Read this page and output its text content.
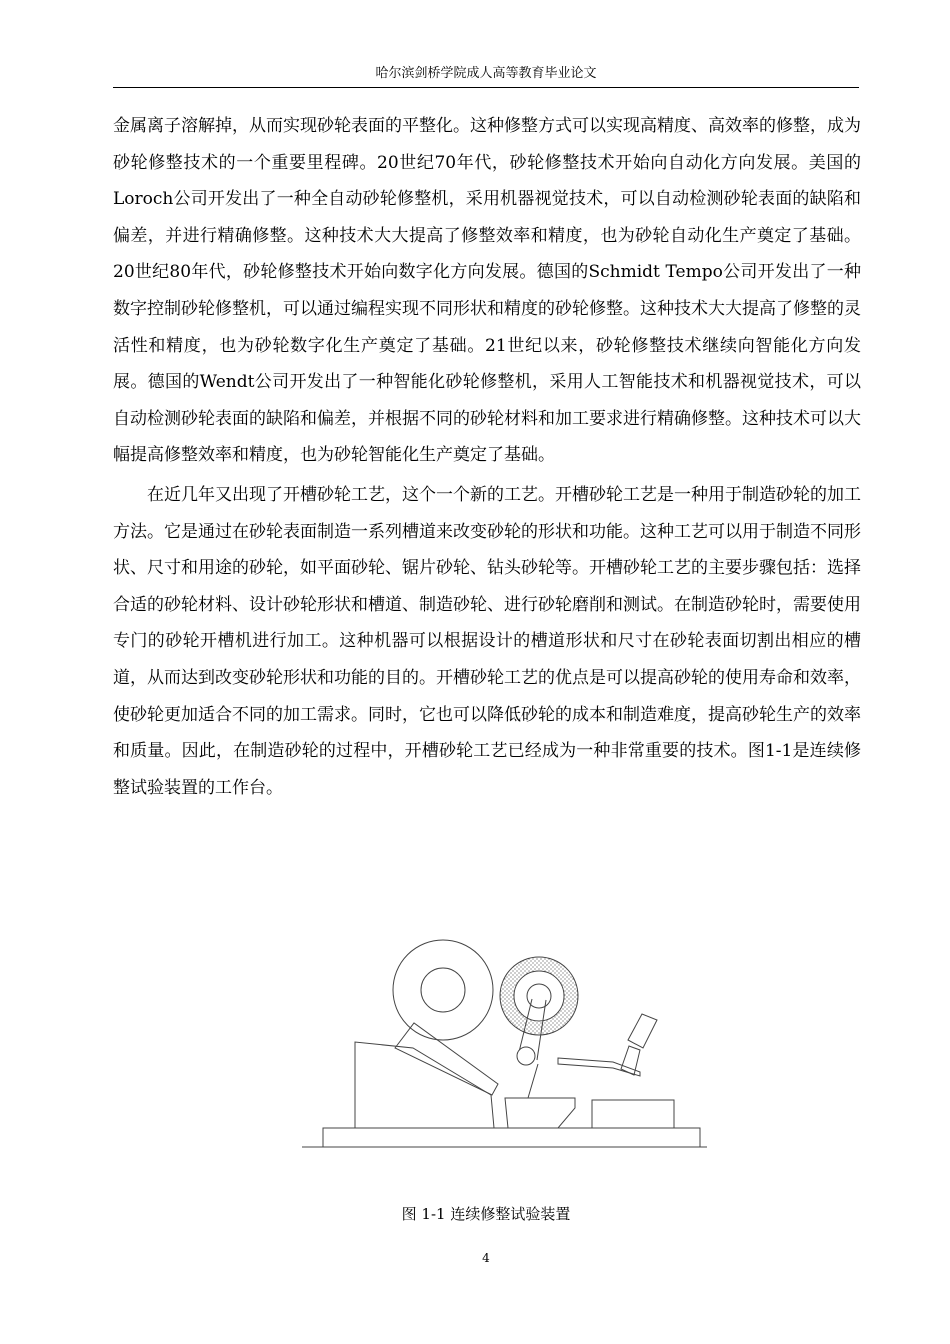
哈尔滨剑桥学院成人高等教育毕业论文

金属离子溶解掉，从而实现砂轮表面的平整化。这种修整方式可以实现高精度、高效率的修整，成为砂轮修整技术的一个重要里程碑。20世纪70年代，砂轮修整技术开始向自动化方向发展。美国的Loroch公司开发出了一种全自动砂轮修整机，采用机器视觉技术，可以自动检测砂轮表面的缺陷和偏差，并进行精确修整。这种技术大大提高了修整效率和精度，也为砂轮自动化生产奠定了基础。20世纪80年代，砂轮修整技术开始向数字化方向发展。德国的Schmidt Tempo公司开发出了一种数字控制砂轮修整机，可以通过编程实现不同形状和精度的砂轮修整。这种技术大大提高了修整的灵活性和精度，也为砂轮数字化生产奠定了基础。21世纪以来，砂轮修整技术继续向智能化方向发展。德国的Wendt公司开发出了一种智能化砂轮修整机，采用人工智能技术和机器视觉技术，可以自动检测砂轮表面的缺陷和偏差，并根据不同的砂轮材料和加工要求进行精确修整。这种技术可以大幅提高修整效率和精度，也为砂轮智能化生产奠定了基础。

在近几年又出现了开槽砂轮工艺，这个一个新的工艺。开槽砂轮工艺是一种用于制造砂轮的加工方法。它是通过在砂轮表面制造一系列槽道来改变砂轮的形状和功能。这种工艺可以用于制造不同形状、尺寸和用途的砂轮，如平面砂轮、锯片砂轮、钻头砂轮等。开槽砂轮工艺的主要步骤包括：选择合适的砂轮材料、设计砂轮形状和槽道、制造砂轮、进行砂轮磨削和测试。在制造砂轮时，需要使用专门的砂轮开槽机进行加工。这种机器可以根据设计的槽道形状和尺寸在砂轮表面切割出相应的槽道，从而达到改变砂轮形状和功能的目的。开槽砂轮工艺的优点是可以提高砂轮的使用寿命和效率，使砂轮更加适合不同的加工需求。同时，它也可以降低砂轮的成本和制造难度，提高砂轮生产的效率和质量。因此，在制造砂轮的过程中，开槽砂轮工艺已经成为一种非常重要的技术。图1-1是连续修整试验装置的工作台。

图 1-1 连续修整试验装置
4
